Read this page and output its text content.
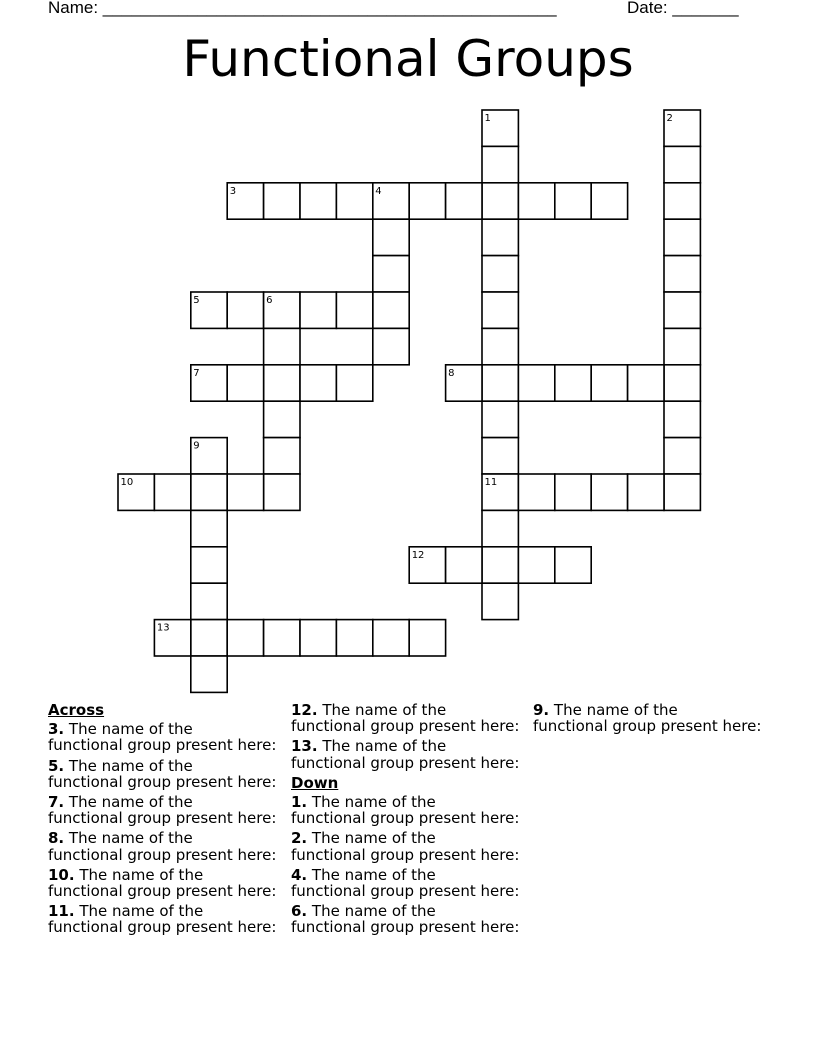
Name: ________________________________________________	Date: _______
Functional Groups
1	2
3	4
5	6
7	8
9
10	11
12
13
Across
3. The name of the
functional group present here:
5. The name of the
functional group present here:
7. The name of the
functional group present here:
8. The name of the
functional group present here:
10. The name of the
functional group present here:
11. The name of the
functional group present here:
12. The name of the
functional group present here:
13. The name of the
functional group present here:
Down
1. The name of the
functional group present here:
2. The name of the
functional group present here:
4. The name of the
functional group present here:
6. The name of the
functional group present here:
9. The name of the
functional group present here:
